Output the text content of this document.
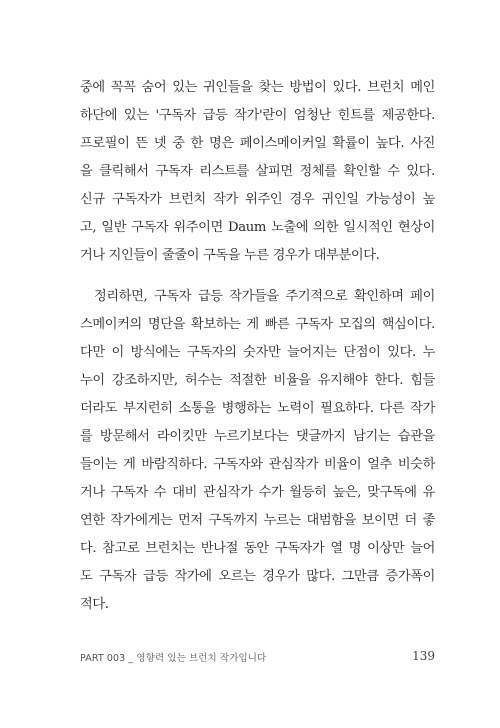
중에 꼭꼭 숨어 있는 귀인들을 찾는 방법이 있다. 브런치 메인
하단에 있는 '구독자 급등 작가'란이 엄청난 힌트를 제공한다.
프로필이 뜬 넷 중 한 명은 페이스메이커일 확률이 높다. 사진
을 클릭해서 구독자 리스트를 살피면 정체를 확인할 수 있다.
신규 구독자가 브런치 작가 위주인 경우 귀인일 가능성이 높
고, 일반 구독자 위주이면 Daum 노출에 의한 일시적인 현상이
거나 지인들이 줄줄이 구독을 누른 경우가 대부분이다.
정리하면, 구독자 급등 작가들을 주기적으로 확인하며 페이
스메이커의 명단을 확보하는 게 빠른 구독자 모집의 핵심이다.
다만 이 방식에는 구독자의 숫자만 늘어지는 단점이 있다. 누
누이 강조하지만, 허수는 적절한 비율을 유지해야 한다. 힘들
더라도 부지런히 소통을 병행하는 노력이 필요하다. 다른 작가
를 방문해서 라이킷만 누르기보다는 댓글까지 남기는 습관을
들이는 게 바람직하다. 구독자와 관심작가 비율이 얼추 비슷하
거나 구독자 수 대비 관심작가 수가 월등히 높은, 맞구독에 유
연한 작가에게는 먼저 구독까지 누르는 대범함을 보이면 더 좋
다. 참고로 브런치는 반나절 동안 구독자가 열 명 이상만 늘어
도 구독자 급등 작가에 오르는 경우가 많다. 그만큼 증가폭이
적다.
PART 003 _ 영향력 있는 브런치 작가입니다	139
